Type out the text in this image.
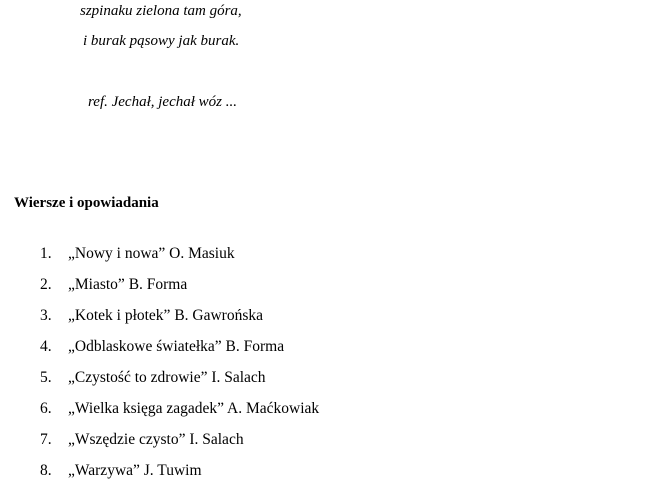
szpinaku zielona tam góra,
i burak pąsowy jak burak.
ref. Jechał, jechał wóz ...
Wiersze i opowiadania
1. „Nowy i nowa” O. Masiuk
2. „Miasto” B. Forma
3. „Kotek i płotek” B. Gawrońska
4. „Odblaskowe światełka” B. Forma
5. „Czystość to zdrowie” I. Salach
6. „Wielka księga zagadek” A. Maćkowiak
7. „Wszędzie czysto” I. Salach
8. „Warzywa” J. Tuwim
